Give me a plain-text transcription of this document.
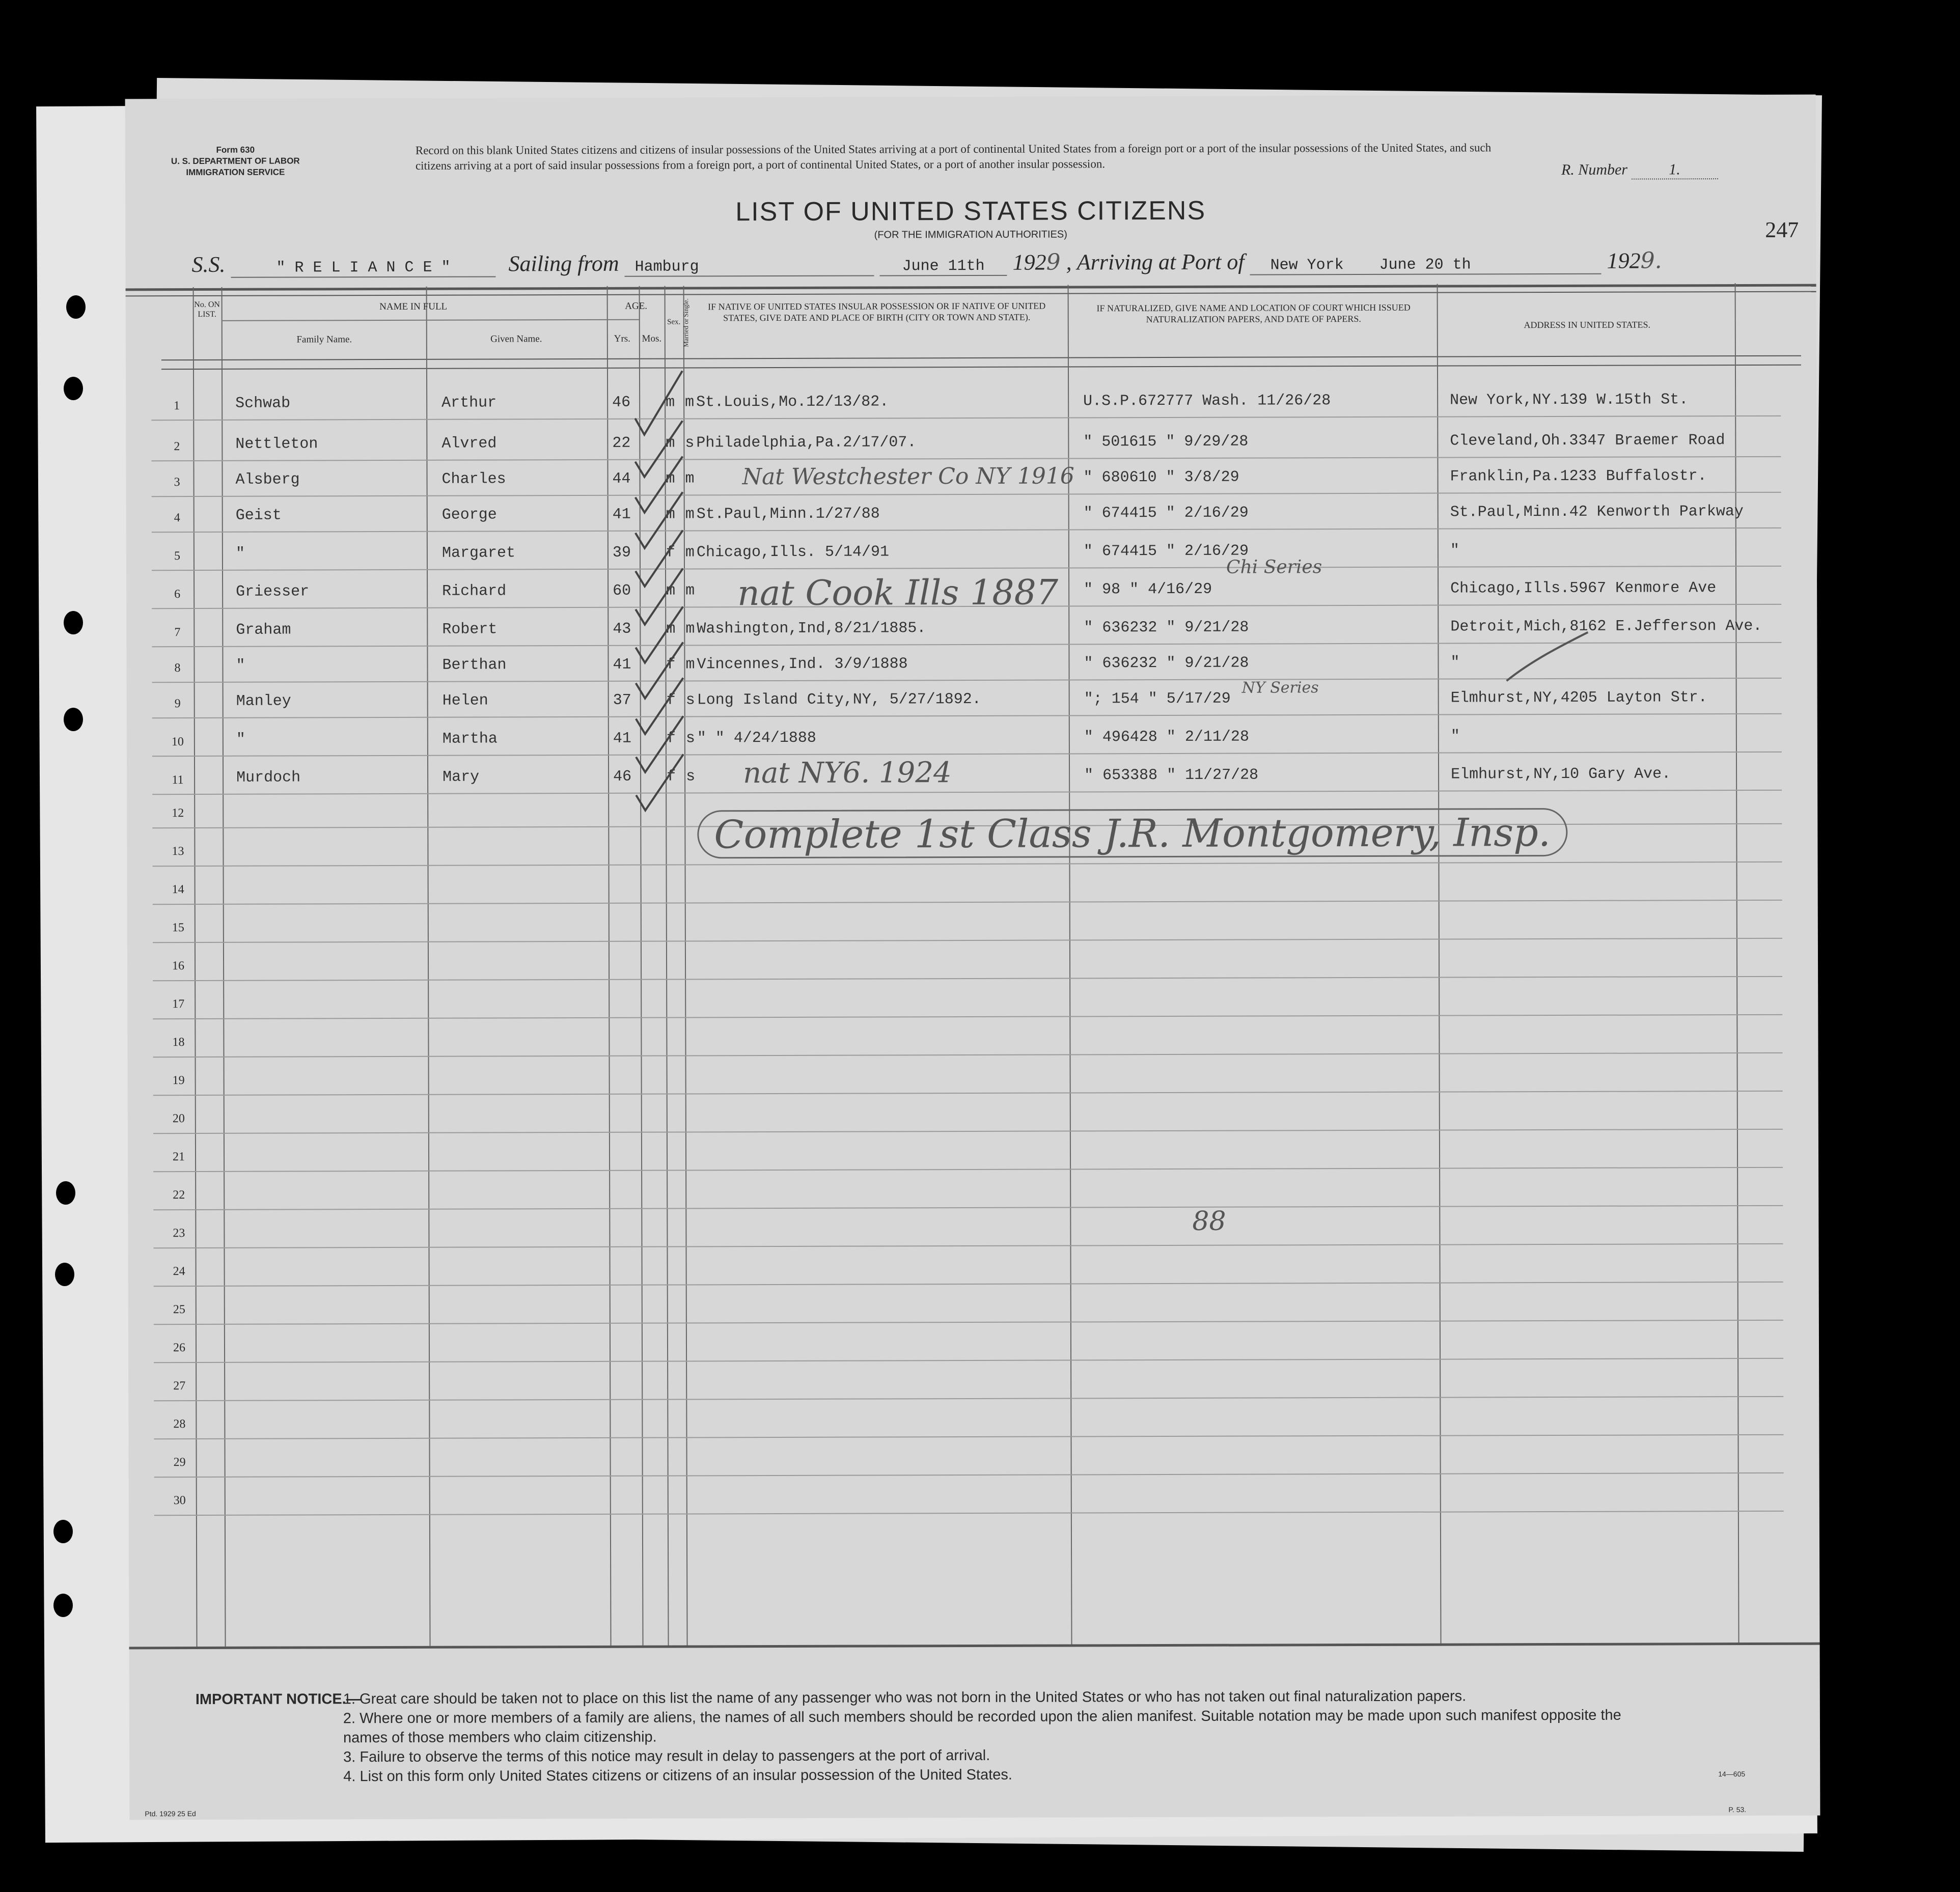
Form 630
U. S. DEPARTMENT OF LABOR
IMMIGRATION SERVICE
Record on this blank United States citizens and citizens of insular possessions of the United States arriving at a port of continental United States from a foreign port or a port of the insular possessions of the United States, and such citizens arriving at a port of said insular possessions from a foreign port, a port of continental United States, or a port of another insular possession.	R. Number	1.
247
LIST OF UNITED STATES CITIZENS
(FOR THE IMMIGRATION AUTHORITIES)
S.S.	" R E L I A N C E "	Sailing from Hamburg	June 11th 1929 , Arriving at Port of New York June 20 th	1929.
No. ON LIST.
NAME IN FULL
Family Name.	Given Name.
AGE.
Yrs.	Mos.
Sex. Married or Single.	IF NATIVE OF UNITED STATES INSULAR POSSESSION OR IF NATIVE OF UNITED STATES, GIVE DATE AND PLACE OF BIRTH (CITY OR TOWN AND STATE).
IF NATURALIZED, GIVE NAME AND LOCATION OF COURT WHICH ISSUED NATURALIZATION PAPERS, AND DATE OF PAPERS.
ADDRESS IN UNITED STATES.
1	Schwab	Arthur	46 m m St.Louis,Mo.12/13/82.	U.S.P.672777 Wash. 11/26/28	New York,NY.139 W.15th St.
2	Nettleton	Alvred	22 m s Philadelphia,Pa.2/17/07.	" 501615 " 9/29/28	Cleveland,Oh.3347 Braemer Road
3	Alsberg	Charles	44 m m	" 680610 " 3/8/29	Franklin,Pa.1233 Buffalostr.
4	Geist	George	41 m m St.Paul,Minn.1/27/88	" 674415 " 2/16/29	St.Paul,Minn.42 Kenworth Parkway
5	"	Margaret	39 f m Chicago,Ills. 5/14/91	" 674415 " 2/16/29	"
6	Griesser	Richard	60 m m	" 98 " 4/16/29	Chicago,Ills.5967 Kenmore Ave
7	Graham	Robert	43 m m Washington,Ind,8/21/1885.	" 636232 " 9/21/28	Detroit,Mich,8162 E.Jefferson Ave.
8	"	Berthan	41 f m Vincennes,Ind. 3/9/1888	" 636232 " 9/21/28	"
9	Manley	Helen	37 f s Long Island City,NY, 5/27/1892.	"; 154 " 5/17/29	Elmhurst,NY,4205 Layton Str.
10	"	Martha	41 f s " " 4/24/1888	" 496428 " 2/11/28	"
11	Murdoch	Mary	46 f s	" 653388 " 11/27/28	Elmhurst,NY,10 Gary Ave.
12
13
14
15
16
17
18
19
20
21
22
23
24
25
26
27
28
29
30
Nat Westchester Co NY 1916
nat Cook Ills 1887
Chi Series
NY Series
nat NY6. 1924
Complete 1st Class J.R. Montgomery, Insp.
88
IMPORTANT NOTICE.—
1. Great care should be taken not to place on this list the name of any passenger who was not born in the United States or who has not taken out final naturalization papers.
2. Where one or more members of a family are aliens, the names of all such members should be recorded upon the alien manifest. Suitable notation may be made upon such manifest opposite the names of those members who claim citizenship.
3. Failure to observe the terms of this notice may result in delay to passengers at the port of arrival.
4. List on this form only United States citizens or citizens of an insular possession of the United States.	14—605
Ptd. 1929 25 Ed	P. 53.
